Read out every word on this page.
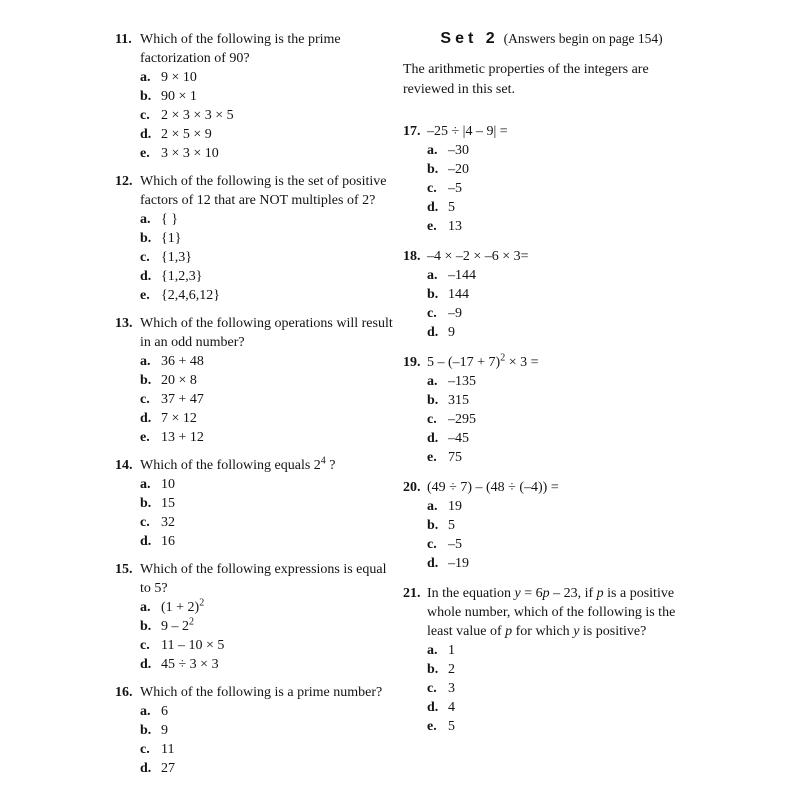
11. Which of the following is the prime factorization of 90?
a. 9 × 10
b. 90 × 1
c. 2 × 3 × 3 × 5
d. 2 × 5 × 9
e. 3 × 3 × 10
12. Which of the following is the set of positive factors of 12 that are NOT multiples of 2?
a. { }
b. {1}
c. {1,3}
d. {1,2,3}
e. {2,4,6,12}
13. Which of the following operations will result in an odd number?
a. 36 + 48
b. 20 × 8
c. 37 + 47
d. 7 × 12
e. 13 + 12
14. Which of the following equals $2^4$ ?
a. 10
b. 15
c. 32
d. 16
15. Which of the following expressions is equal to 5?
a. $(1 + 2)^2$
b. $9 - 2^2$
c. 11 – 10 × 5
d. 45 ÷ 3 × 3
16. Which of the following is a prime number?
a. 6
b. 9
c. 11
d. 27
Set 2 (Answers begin on page 154)
The arithmetic properties of the integers are reviewed in this set.
17. –25 ÷ |4 – 9| =
a. –30
b. –20
c. –5
d. 5
e. 13
18. –4 × –2 × –6 × 3=
a. –144
b. 144
c. –9
d. 9
19. $5 - (-17 + 7)^2 \times 3$ =
a. –135
b. 315
c. –295
d. –45
e. 75
20. (49 ÷ 7) – (48 ÷ (–4)) =
a. 19
b. 5
c. –5
d. –19
21. In the equation y = 6p – 23, if p is a positive whole number, which of the following is the least value of p for which y is positive?
a. 1
b. 2
c. 3
d. 4
e. 5
